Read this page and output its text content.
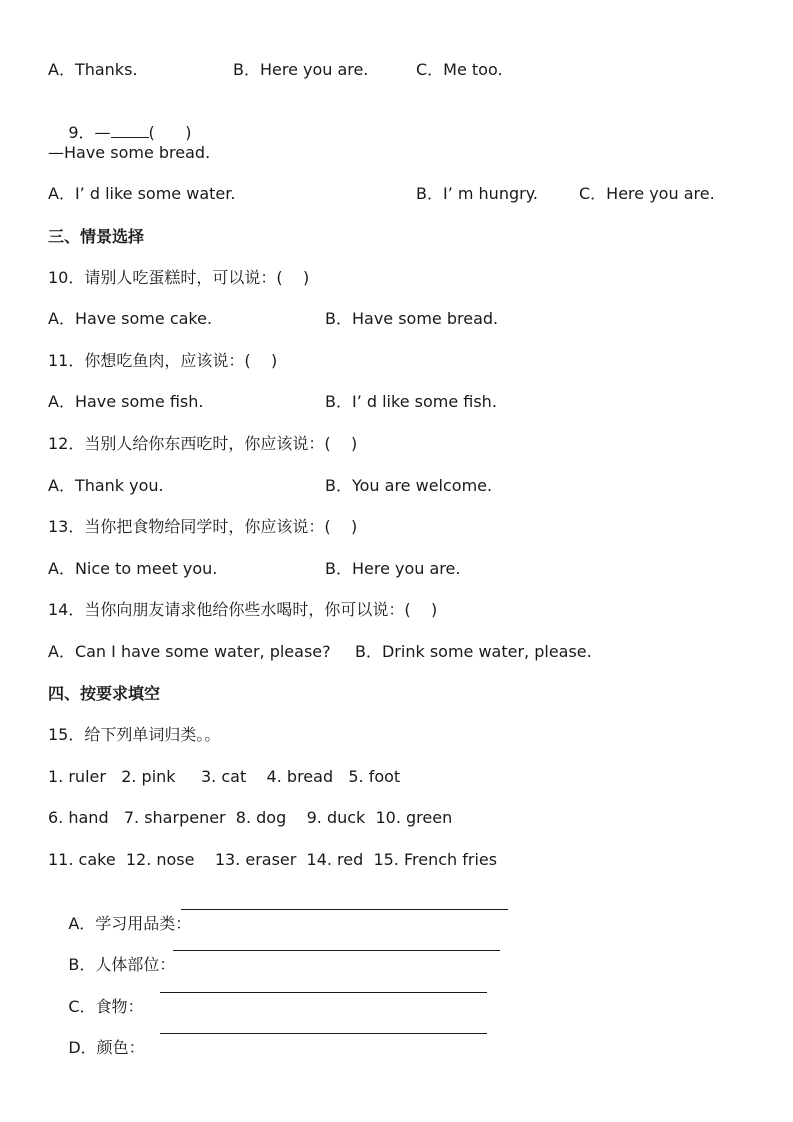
A．Thanks.

	B．Here you are.

	C．Me too.

9．— (      )

—Have some bread.

A．I’ d like some water.

	B．I’ m hungry.

	C．Here you are.

三、情景选择
10．请别人吃蛋糕时，可以说：(    )

A．Have some cake.

	B．Have some bread.

11．你想吃鱼肉，应该说：(    )

A．Have some fish.

	B．I’ d like some fish.

12．当别人给你东西吃时，你应该说：(    )

A．Thank you.

	B．You are welcome.

13．当你把食物给同学时，你应该说：(    )

A．Nice to meet you.

	B．Here you are.

14．当你向朋友请求他给你些水喝时，你可以说：(    )

A．Can I have some water, please?

B．Drink some water, please.

四、按要求填空
15．给下列单词归类。。
1. ruler   2. pink     3. cat    4. bread   5. foot
6. hand   7. sharpener  8. dog    9. duck  10. green
11. cake  12. nose    13. eraser  14. red  15. French fries

A．学习用品类：

B．人体部位：

C．食物：

D．颜色：
